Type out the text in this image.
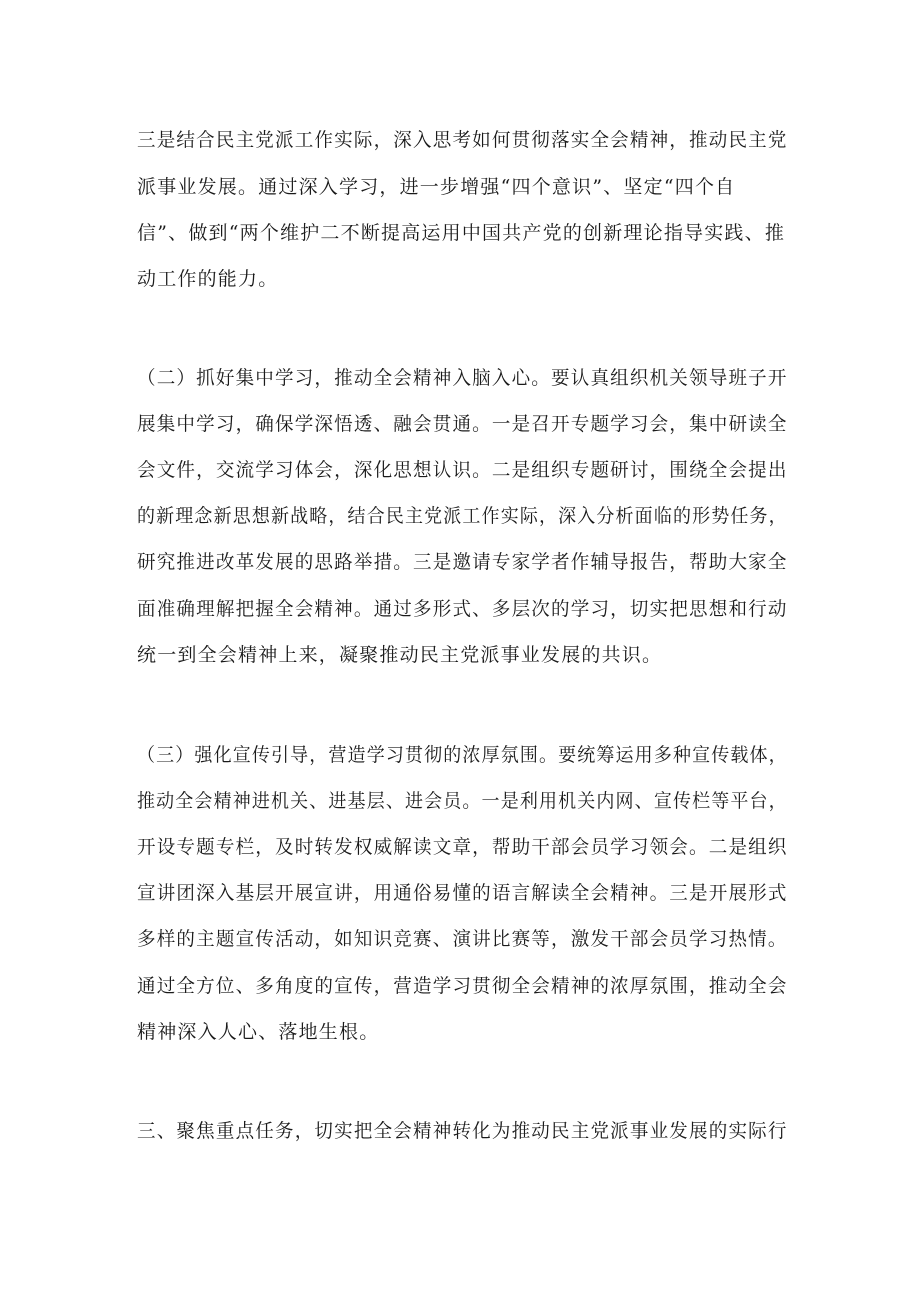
三是结合民主党派工作实际，深入思考如何贯彻落实全会精神，推动民主党
派事业发展。通过深入学习，进一步增强“四个意识”、坚定“四个自
信”、做到“两个维护二不断提高运用中国共产党的创新理论指导实践、推
动工作的能力。
（二）抓好集中学习，推动全会精神入脑入心。要认真组织机关领导班子开
展集中学习，确保学深悟透、融会贯通。一是召开专题学习会，集中研读全
会文件，交流学习体会，深化思想认识。二是组织专题研讨，围绕全会提出
的新理念新思想新战略，结合民主党派工作实际，深入分析面临的形势任务，
研究推进改革发展的思路举措。三是邀请专家学者作辅导报告，帮助大家全
面准确理解把握全会精神。通过多形式、多层次的学习，切实把思想和行动
统一到全会精神上来，凝聚推动民主党派事业发展的共识。
（三）强化宣传引导，营造学习贯彻的浓厚氛围。要统筹运用多种宣传载体，
推动全会精神进机关、进基层、进会员。一是利用机关内网、宣传栏等平台，
开设专题专栏，及时转发权威解读文章，帮助干部会员学习领会。二是组织
宣讲团深入基层开展宣讲，用通俗易懂的语言解读全会精神。三是开展形式
多样的主题宣传活动，如知识竞赛、演讲比赛等，激发干部会员学习热情。
通过全方位、多角度的宣传，营造学习贯彻全会精神的浓厚氛围，推动全会
精神深入人心、落地生根。
三、聚焦重点任务，切实把全会精神转化为推动民主党派事业发展的实际行
